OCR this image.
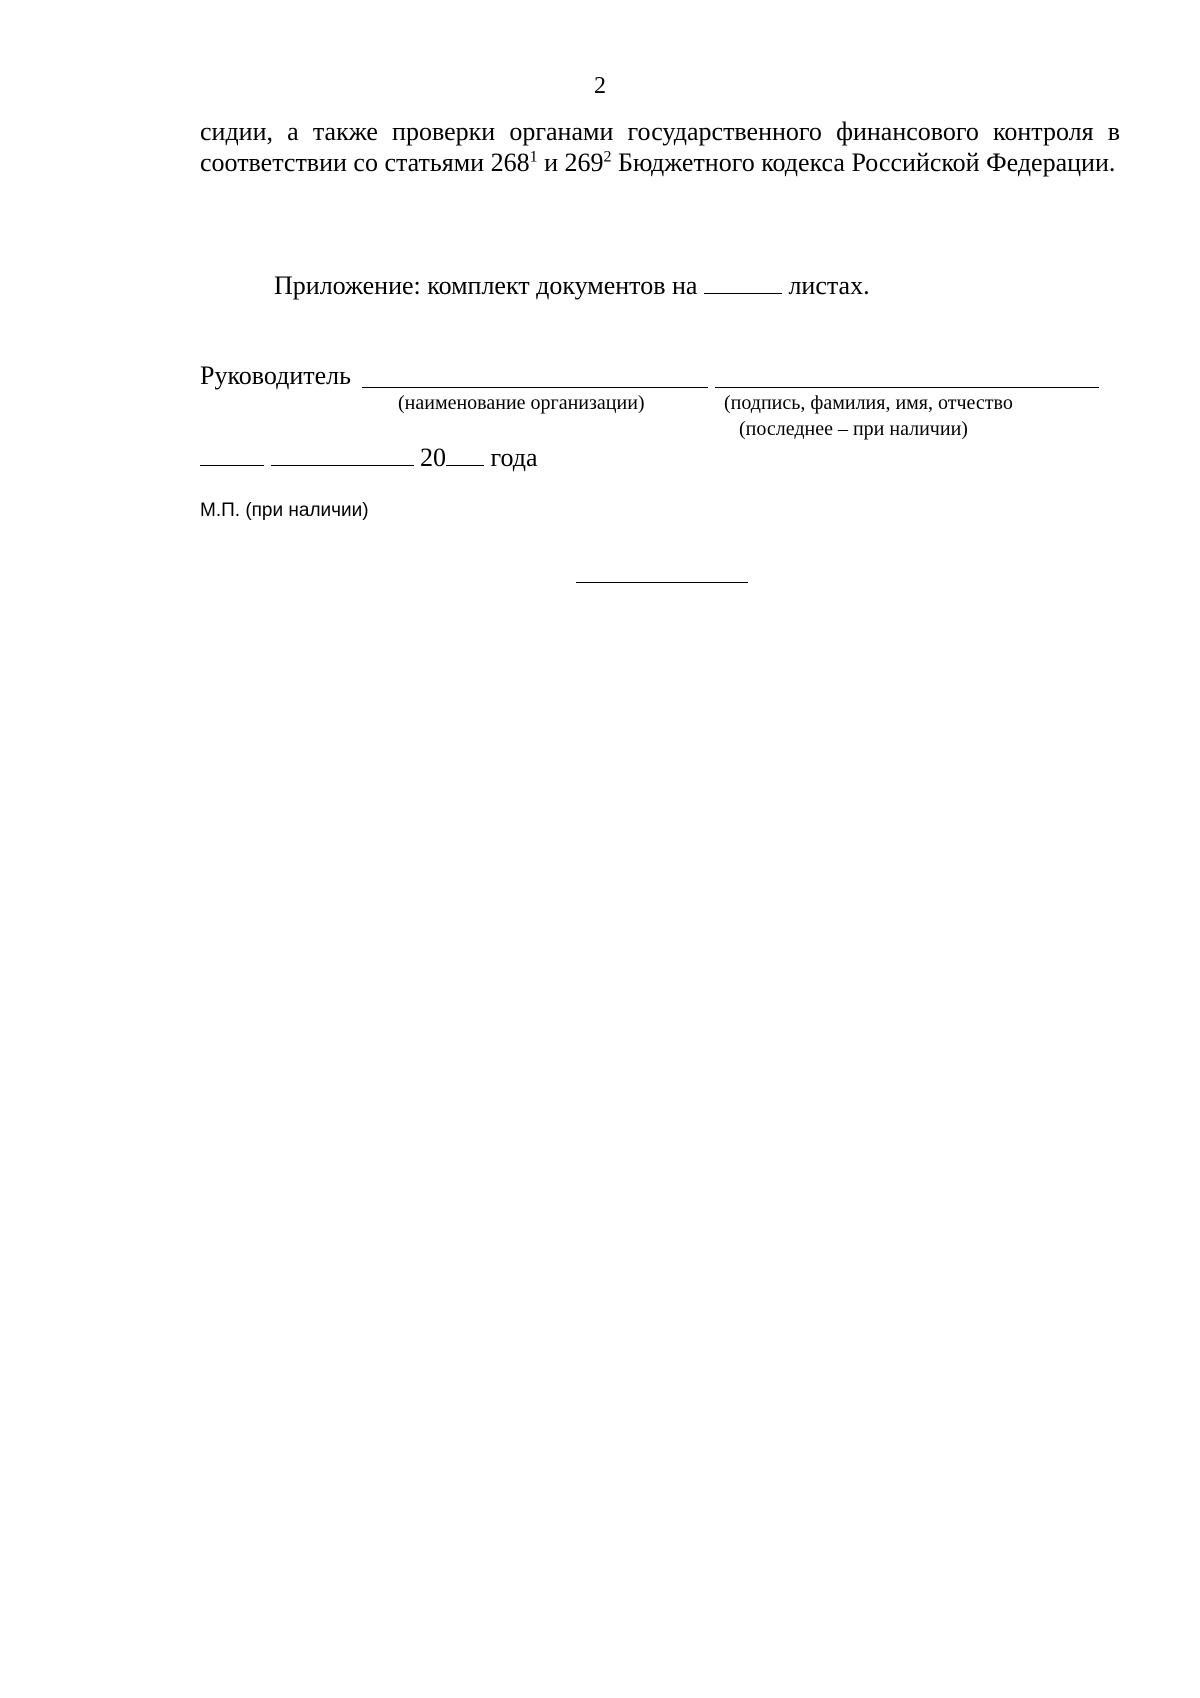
2

сидии, а также проверки органами государственного финансового контроля в соответствии со статьями $268^1$ и $269^2$ Бюджетного кодекса Российской Федерации.

Приложение: комплект документов на	листах.
Руководитель
(наименование организации)	(подпись, фамилия, имя, отчество
(последнее – при наличии)
20 года
М.П. (при наличии)
